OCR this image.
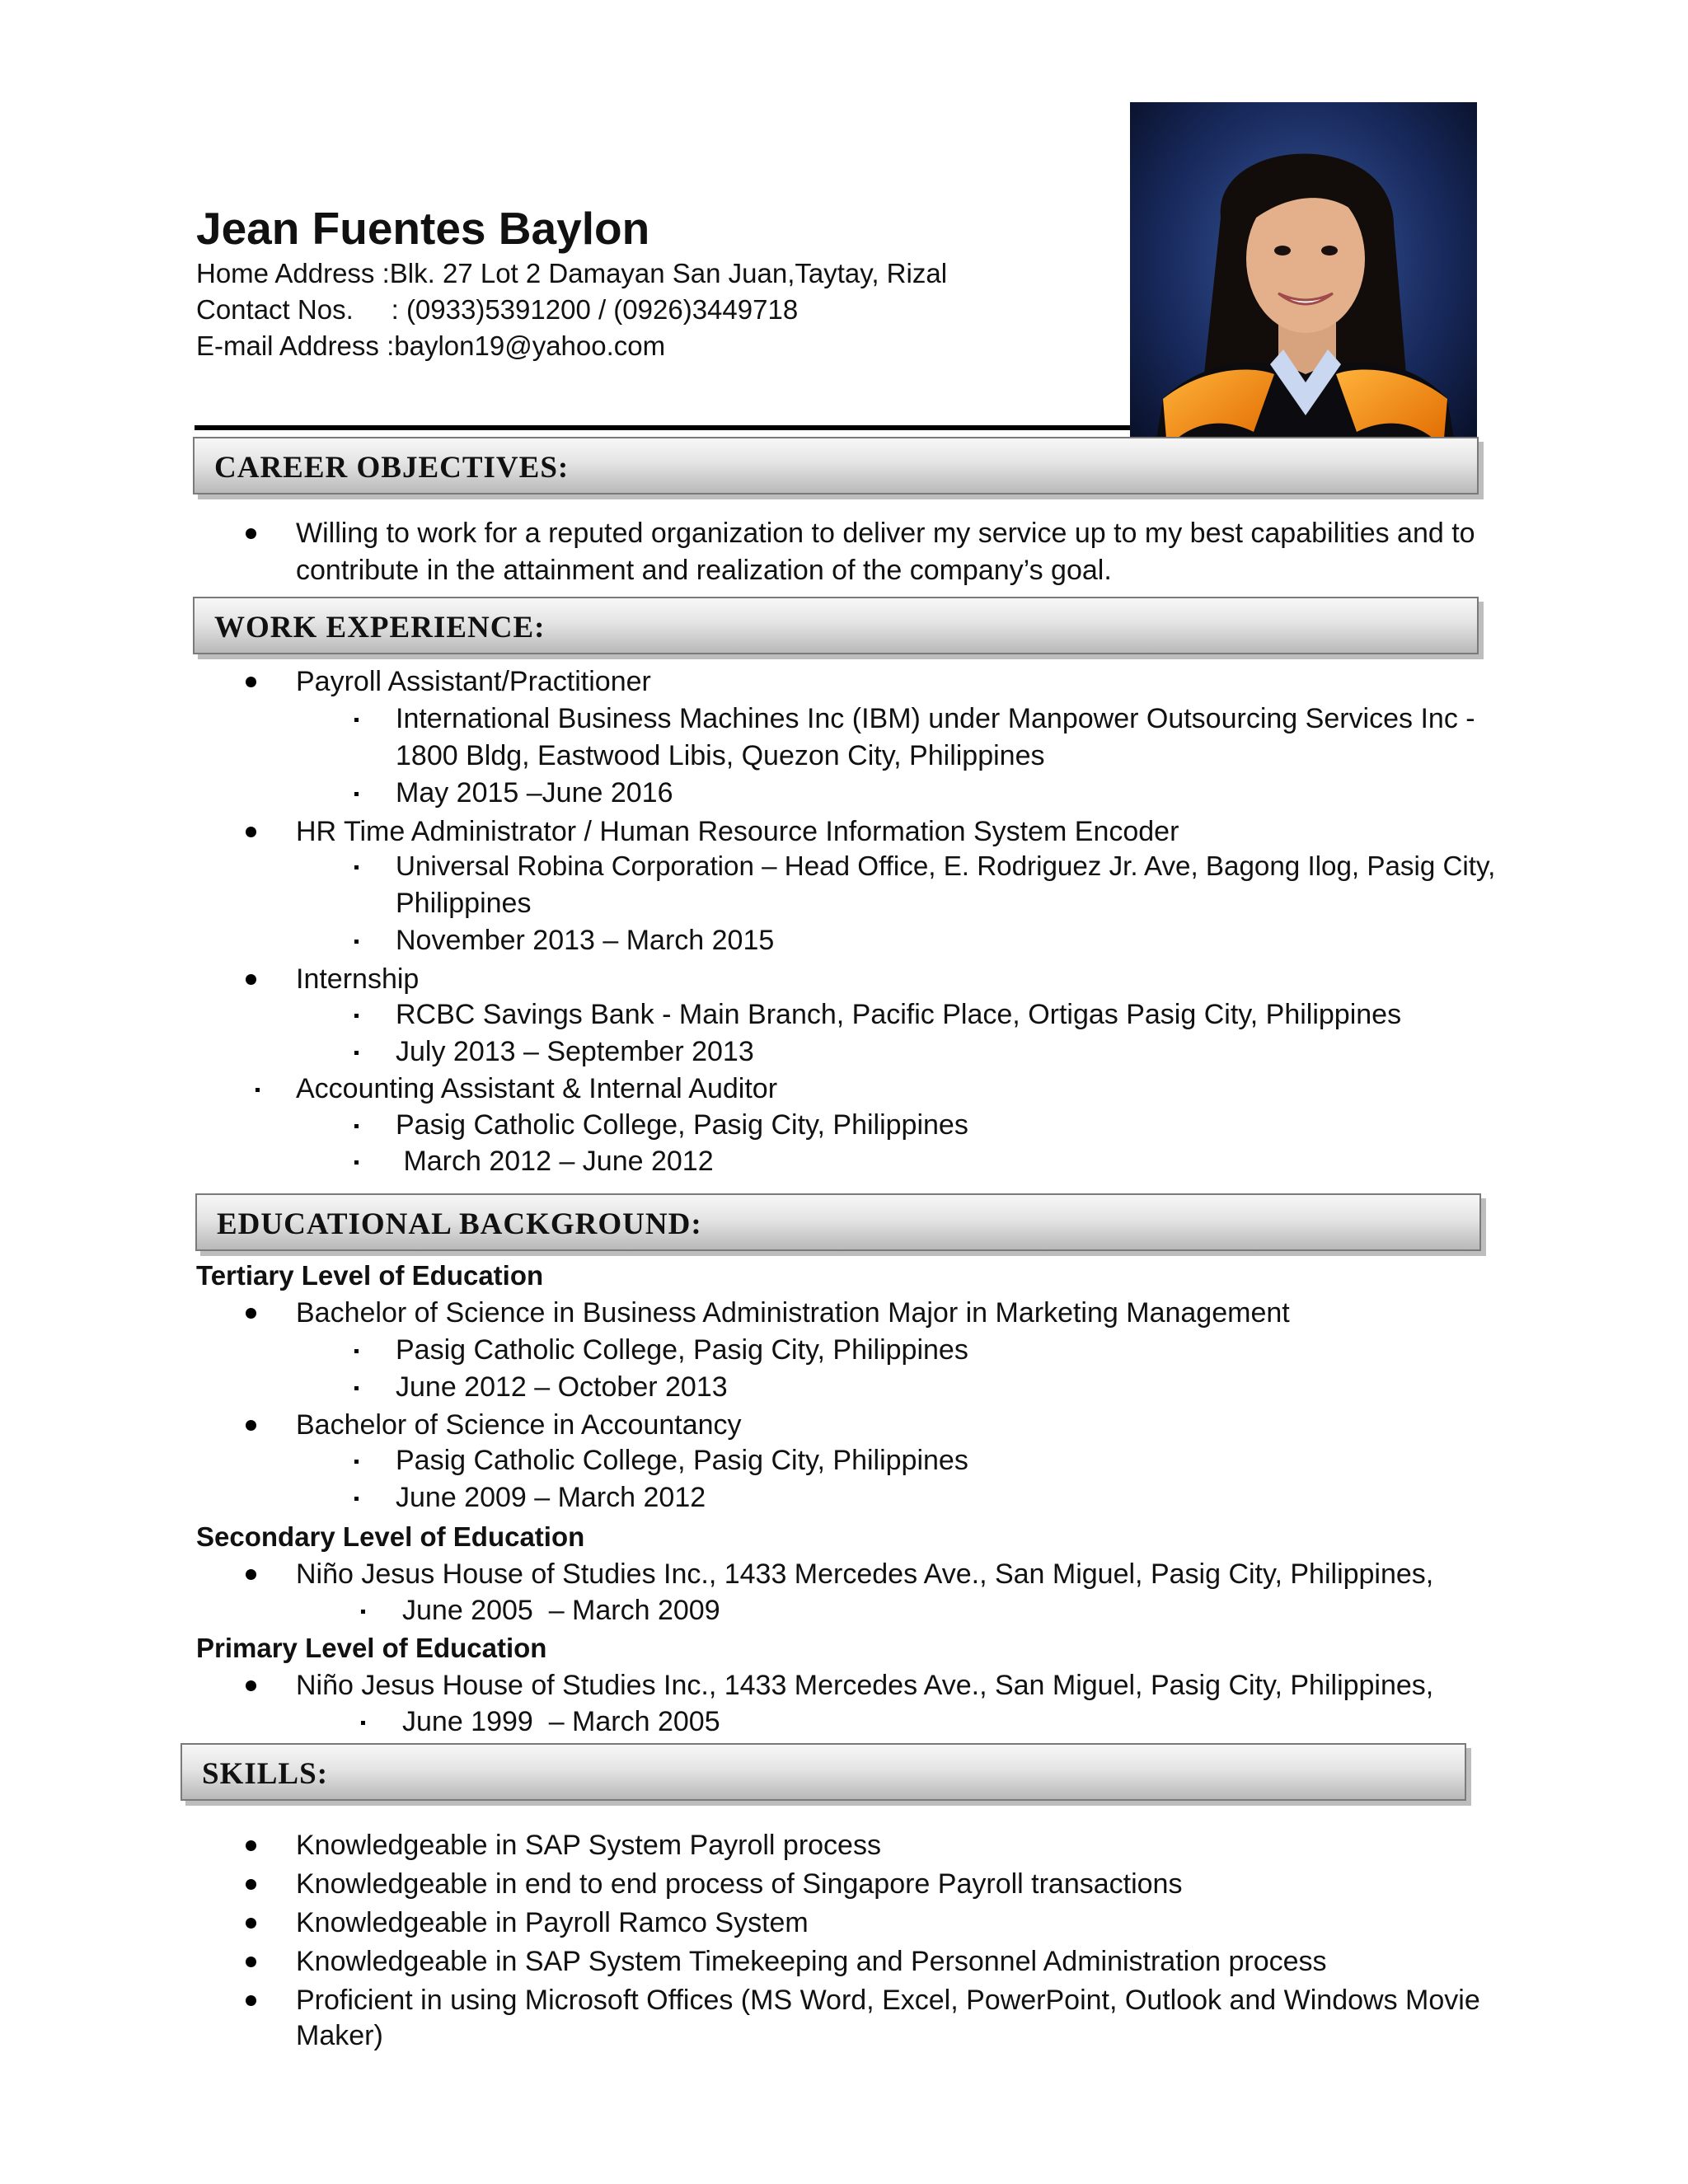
Jean Fuentes Baylon
Home Address :Blk. 27 Lot 2 Damayan San Juan,Taytay, Rizal
Contact Nos.     : (0933)5391200 / (0926)3449718
E-mail Address :baylon19@yahoo.com
CAREER OBJECTIVES:
Willing to work for a reputed organization to deliver my service up to my best capabilities and to
contribute in the attainment and realization of the company’s goal.
WORK EXPERIENCE:
Payroll Assistant/Practitioner
International Business Machines Inc (IBM) under Manpower Outsourcing Services Inc -
1800 Bldg, Eastwood Libis, Quezon City, Philippines
May 2015 –June 2016
HR Time Administrator / Human Resource Information System Encoder
Universal Robina Corporation – Head Office, E. Rodriguez Jr. Ave, Bagong Ilog, Pasig City,
Philippines
November 2013 – March 2015
Internship
RCBC Savings Bank - Main Branch, Pacific Place, Ortigas Pasig City, Philippines
July 2013 – September 2013
Accounting Assistant & Internal Auditor
Pasig Catholic College, Pasig City, Philippines
March 2012 – June 2012
EDUCATIONAL BACKGROUND:
Tertiary Level of Education
Bachelor of Science in Business Administration Major in Marketing Management
Pasig Catholic College, Pasig City, Philippines
June 2012 – October 2013
Bachelor of Science in Accountancy
Pasig Catholic College, Pasig City, Philippines
June 2009 – March 2012
Secondary Level of Education
Niño Jesus House of Studies Inc., 1433 Mercedes Ave., San Miguel, Pasig City, Philippines,
June 2005  – March 2009
Primary Level of Education
Niño Jesus House of Studies Inc., 1433 Mercedes Ave., San Miguel, Pasig City, Philippines,
June 1999  – March 2005
SKILLS:
Knowledgeable in SAP System Payroll process
Knowledgeable in end to end process of Singapore Payroll transactions
Knowledgeable in Payroll Ramco System
Knowledgeable in SAP System Timekeeping and Personnel Administration process
Proficient in using Microsoft Offices (MS Word, Excel, PowerPoint, Outlook and Windows Movie
Maker)
